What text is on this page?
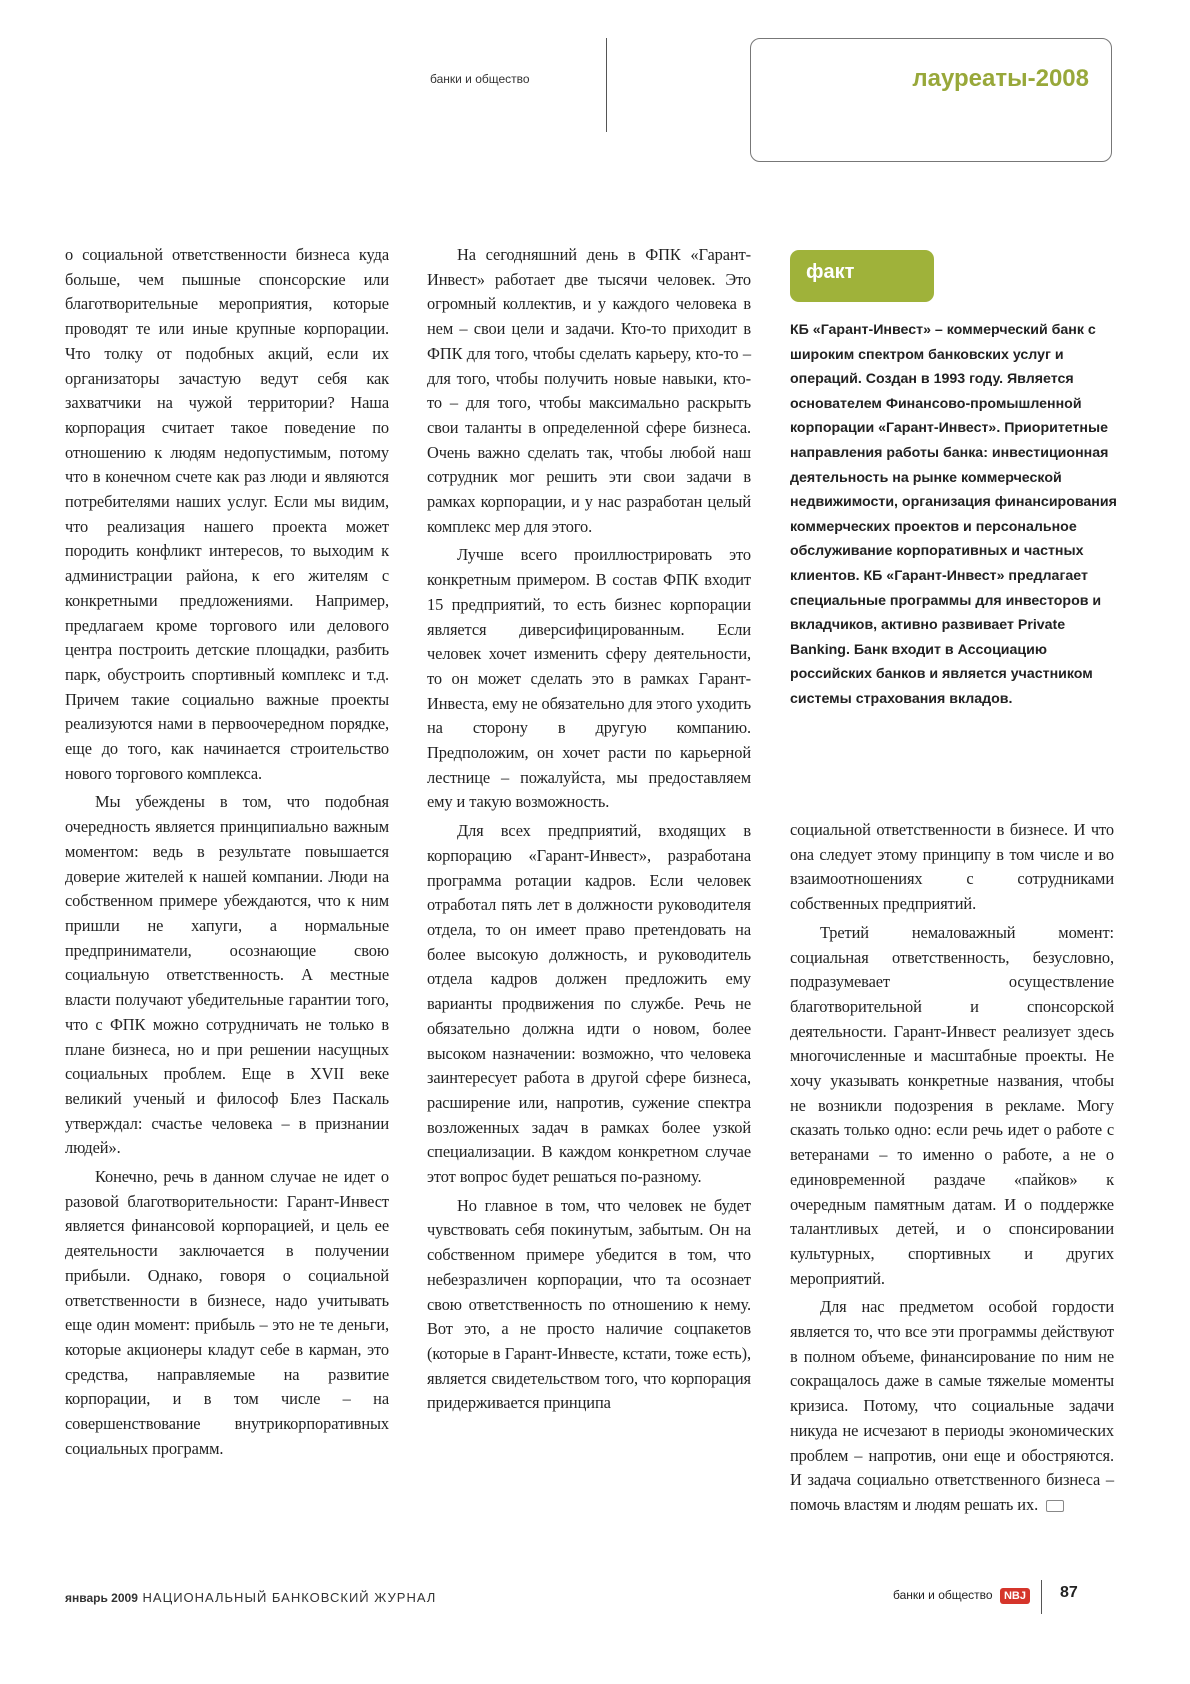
банки и общество	лауреаты-2008

о социальной ответственности бизнеса куда больше, чем пышные спонсорские или благотворительные мероприятия, которые проводят те или иные крупные корпорации. Что толку от подобных акций, если их организаторы зачастую ведут себя как захватчики на чужой территории? Наша корпорация считает такое поведение по отношению к людям недопустимым, потому что в конечном счете как раз люди и являются потребителями наших услуг. Если мы видим, что реализация нашего проекта может породить конфликт интересов, то выходим к администрации района, к его жителям с конкретными предложениями. Например, предлагаем кроме торгового или делового центра построить детские площадки, разбить парк, обустроить спортивный комплекс и т.д. Причем такие социально важные проекты реализуются нами в первоочередном порядке, еще до того, как начинается строительство нового торгового комплекса.

Мы убеждены в том, что подобная очередность является принципиально важным моментом: ведь в результате повышается доверие жителей к нашей компании. Люди на собственном примере убеждаются, что к ним пришли не хапуги, а нормальные предприниматели, осознающие свою социальную ответственность. А местные власти получают убедительные гарантии того, что с ФПК можно сотрудничать не только в плане бизнеса, но и при решении насущных социальных проблем. Еще в XVII веке великий ученый и философ Блез Паскаль утверждал: счастье человека – в признании людей».

Конечно, речь в данном случае не идет о разовой благотворительности: Гарант-Инвест является финансовой корпорацией, и цель ее деятельности заключается в получении прибыли. Однако, говоря о социальной ответственности в бизнесе, надо учитывать еще один момент: прибыль – это не те деньги, которые акционеры кладут себе в карман, это средства, направляемые на развитие корпорации, и в том числе – на совершенствование внутрикорпоративных социальных программ.

На сегодняшний день в ФПК «Гарант-Инвест» работает две тысячи человек. Это огромный коллектив, и у каждого человека в нем – свои цели и задачи. Кто-то приходит в ФПК для того, чтобы сделать карьеру, кто-то – для того, чтобы получить новые навыки, кто-то – для того, чтобы максимально раскрыть свои таланты в определенной сфере бизнеса. Очень важно сделать так, чтобы любой наш сотрудник мог решить эти свои задачи в рамках корпорации, и у нас разработан целый комплекс мер для этого.

Лучше всего проиллюстрировать это конкретным примером. В состав ФПК входит 15 предприятий, то есть бизнес корпорации является диверсифицированным. Если человек хочет изменить сферу деятельности, то он может сделать это в рамках Гарант-Инвеста, ему не обязательно для этого уходить на сторону в другую компанию. Предположим, он хочет расти по карьерной лестнице – пожалуйста, мы предоставляем ему и такую возможность.

Для всех предприятий, входящих в корпорацию «Гарант-Инвест», разработана программа ротации кадров. Если человек отработал пять лет в должности руководителя отдела, то он имеет право претендовать на более высокую должность, и руководитель отдела кадров должен предложить ему варианты продвижения по службе. Речь не обязательно должна идти о новом, более высоком назначении: возможно, что человека заинтересует работа в другой сфере бизнеса, расширение или, напротив, сужение спектра возложенных задач в рамках более узкой специализации. В каждом конкретном случае этот вопрос будет решаться по-разному.

Но главное в том, что человек не будет чувствовать себя покинутым, забытым. Он на собственном примере убедится в том, что небезразличен корпорации, что та осознает свою ответственность по отношению к нему. Вот это, а не просто наличие соцпакетов (которые в Гарант-Инвесте, кстати, тоже есть), является свидетельством того, что корпорация придерживается принципа

факт
КБ «Гарант-Инвест» – коммерческий банк с широким спектром банковских услуг и операций. Создан в 1993 году. Является основателем Финансово-промышленной корпорации «Гарант-Инвест». Приоритетные направления работы банка: инвестиционная деятельность на рынке коммерческой недвижимости, организация финансирования коммерческих проектов и персональное обслуживание корпоративных и частных клиентов. КБ «Гарант-Инвест» предлагает специальные программы для инвесторов и вкладчиков, активно развивает Private Banking. Банк входит в Ассоциацию российских банков и является участником системы страхования вкладов.

социальной ответственности в бизнесе. И что она следует этому принципу в том числе и во взаимоотношениях с сотрудниками собственных предприятий.

Третий немаловажный момент: социальная ответственность, безусловно, подразумевает осуществление благотворительной и спонсорской деятельности. Гарант-Инвест реализует здесь многочисленные и масштабные проекты. Не хочу указывать конкретные названия, чтобы не возникли подозрения в рекламе. Могу сказать только одно: если речь идет о работе с ветеранами – то именно о работе, а не о единовременной раздаче «пайков» к очередным памятным датам. И о поддержке талантливых детей, и о спонсировании культурных, спортивных и других мероприятий.

Для нас предметом особой гордости является то, что все эти программы действуют в полном объеме, финансирование по ним не сокращалось даже в самые тяжелые моменты кризиса. Потому, что социальные задачи никуда не исчезают в периоды экономических проблем – напротив, они еще и обостряются. И задача социально ответственного бизнеса – помочь властям и людям решать их.

январь 2009 НАЦИОНАЛЬНЫЙ БАНКОВСКИЙ ЖУРНАЛ	банки и общество	NBJ 87
